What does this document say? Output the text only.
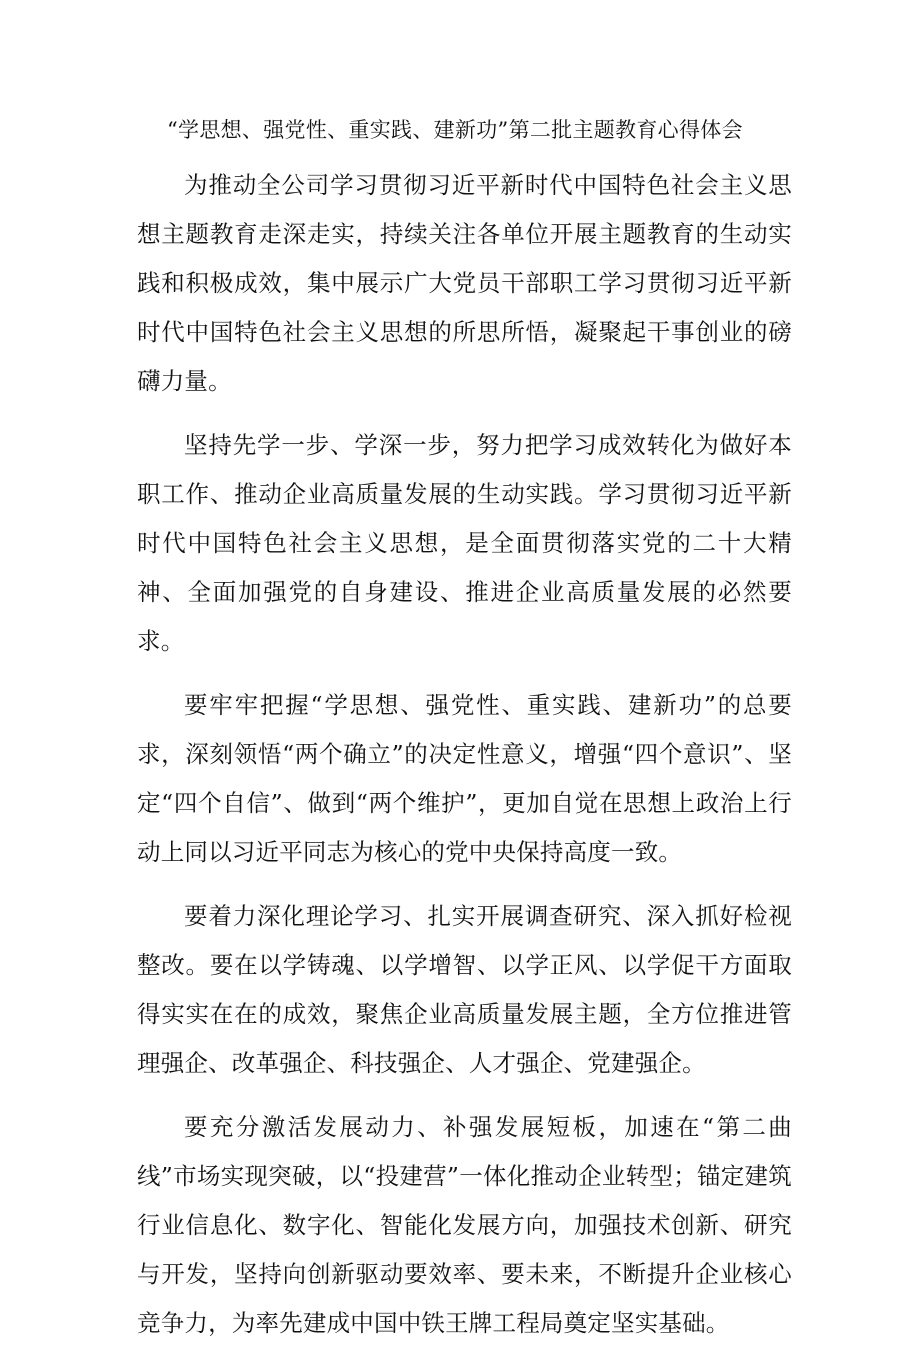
“学思想、强党性、重实践、建新功”第二批主题教育心得体会

为推动全公司学习贯彻习近平新时代中国特色社会主义思想主题教育走深走实，持续关注各单位开展主题教育的生动实践和积极成效，集中展示广大党员干部职工学习贯彻习近平新时代中国特色社会主义思想的所思所悟，凝聚起干事创业的磅礴力量。

坚持先学一步、学深一步，努力把学习成效转化为做好本职工作、推动企业高质量发展的生动实践。学习贯彻习近平新时代中国特色社会主义思想，是全面贯彻落实党的二十大精神、全面加强党的自身建设、推进企业高质量发展的必然要求。

要牢牢把握“学思想、强党性、重实践、建新功”的总要求，深刻领悟“两个确立”的决定性意义，增强“四个意识”、坚定“四个自信”、做到“两个维护”，更加自觉在思想上政治上行动上同以习近平同志为核心的党中央保持高度一致。

要着力深化理论学习、扎实开展调查研究、深入抓好检视整改。要在以学铸魂、以学增智、以学正风、以学促干方面取得实实在在的成效，聚焦企业高质量发展主题，全方位推进管理强企、改革强企、科技强企、人才强企、党建强企。

要充分激活发展动力、补强发展短板，加速在“第二曲线”市场实现突破，以“投建营”一体化推动企业转型；锚定建筑行业信息化、数字化、智能化发展方向，加强技术创新、研究与开发，坚持向创新驱动要效率、要未来，不断提升企业核心竞争力，为率先建成中国中铁王牌工程局奠定坚实基础。
